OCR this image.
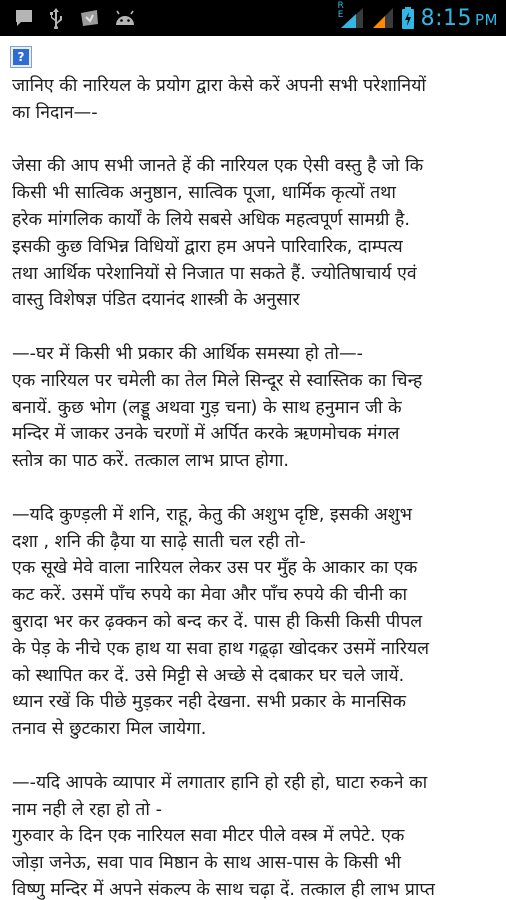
R E	8:15 PM
?
जानिए की नारियल के प्रयोग द्वारा केसे करें अपनी सभी परेशानियों
का निदान—-
जेसा की आप सभी जानते हें की नारियल एक ऐसी वस्तु है जो कि
किसी भी सात्विक अनुष्ठान, सात्विक पूजा, धार्मिक कृत्यों तथा
हरेक मांगलिक कार्यों के लिये सबसे अधिक महत्वपूर्ण सामग्री है.
इसकी कुछ विभिन्न विधियों द्वारा हम अपने पारिवारिक, दाम्पत्य
तथा आर्थिक परेशानियों से निजात पा सकते हैं. ज्योतिषाचार्य एवं
वास्तु विशेषज्ञ पंडित दयानंद शास्त्री के अनुसार
—-घर में किसी भी प्रकार की आर्थिक समस्या हो तो—-
एक नारियल पर चमेली का तेल मिले सिन्दूर से स्वास्तिक का चिन्ह
बनायें. कुछ भोग (लड्डू अथवा गुड़ चना) के साथ हनुमान जी के
मन्दिर में जाकर उनके चरणों में अर्पित करके ऋणमोचक मंगल
स्तोत्र का पाठ करें. तत्काल लाभ प्राप्त होगा.
—यदि कुण्ड़ली में शनि, राहू, केतु की अशुभ दृष्टि, इसकी अशुभ
दशा , शनि की ढ़ैया या साढ़े साती चल रही तो-
एक सूखे मेवे वाला नारियल लेकर उस पर मुँह के आकार का एक
कट करें. उसमें पाँच रुपये का मेवा और पाँच रुपये की चीनी का
बुरादा भर कर ढ़क्कन को बन्द कर दें. पास ही किसी किसी पीपल
के पेड़ के नीचे एक हाथ या सवा हाथ गढ़्ढ़ा खोदकर उसमें नारियल
को स्थापित कर दें. उसे मिट्टी से अच्छे से दबाकर घर चले जायें.
ध्यान रखें कि पीछे मुड़कर नही देखना. सभी प्रकार के मानसिक
तनाव से छुटकारा मिल जायेगा.
—-यदि आपके व्यापार में लगातार हानि हो रही हो, घाटा रुकने का
नाम नही ले रहा हो तो -
गुरुवार के दिन एक नारियल सवा मीटर पीले वस्त्र में लपेटे. एक
जोड़ा जनेऊ, सवा पाव मिष्ठान के साथ आस-पास के किसी भी
विष्णु मन्दिर में अपने संकल्प के साथ चढ़ा दें. तत्काल ही लाभ प्राप्त
